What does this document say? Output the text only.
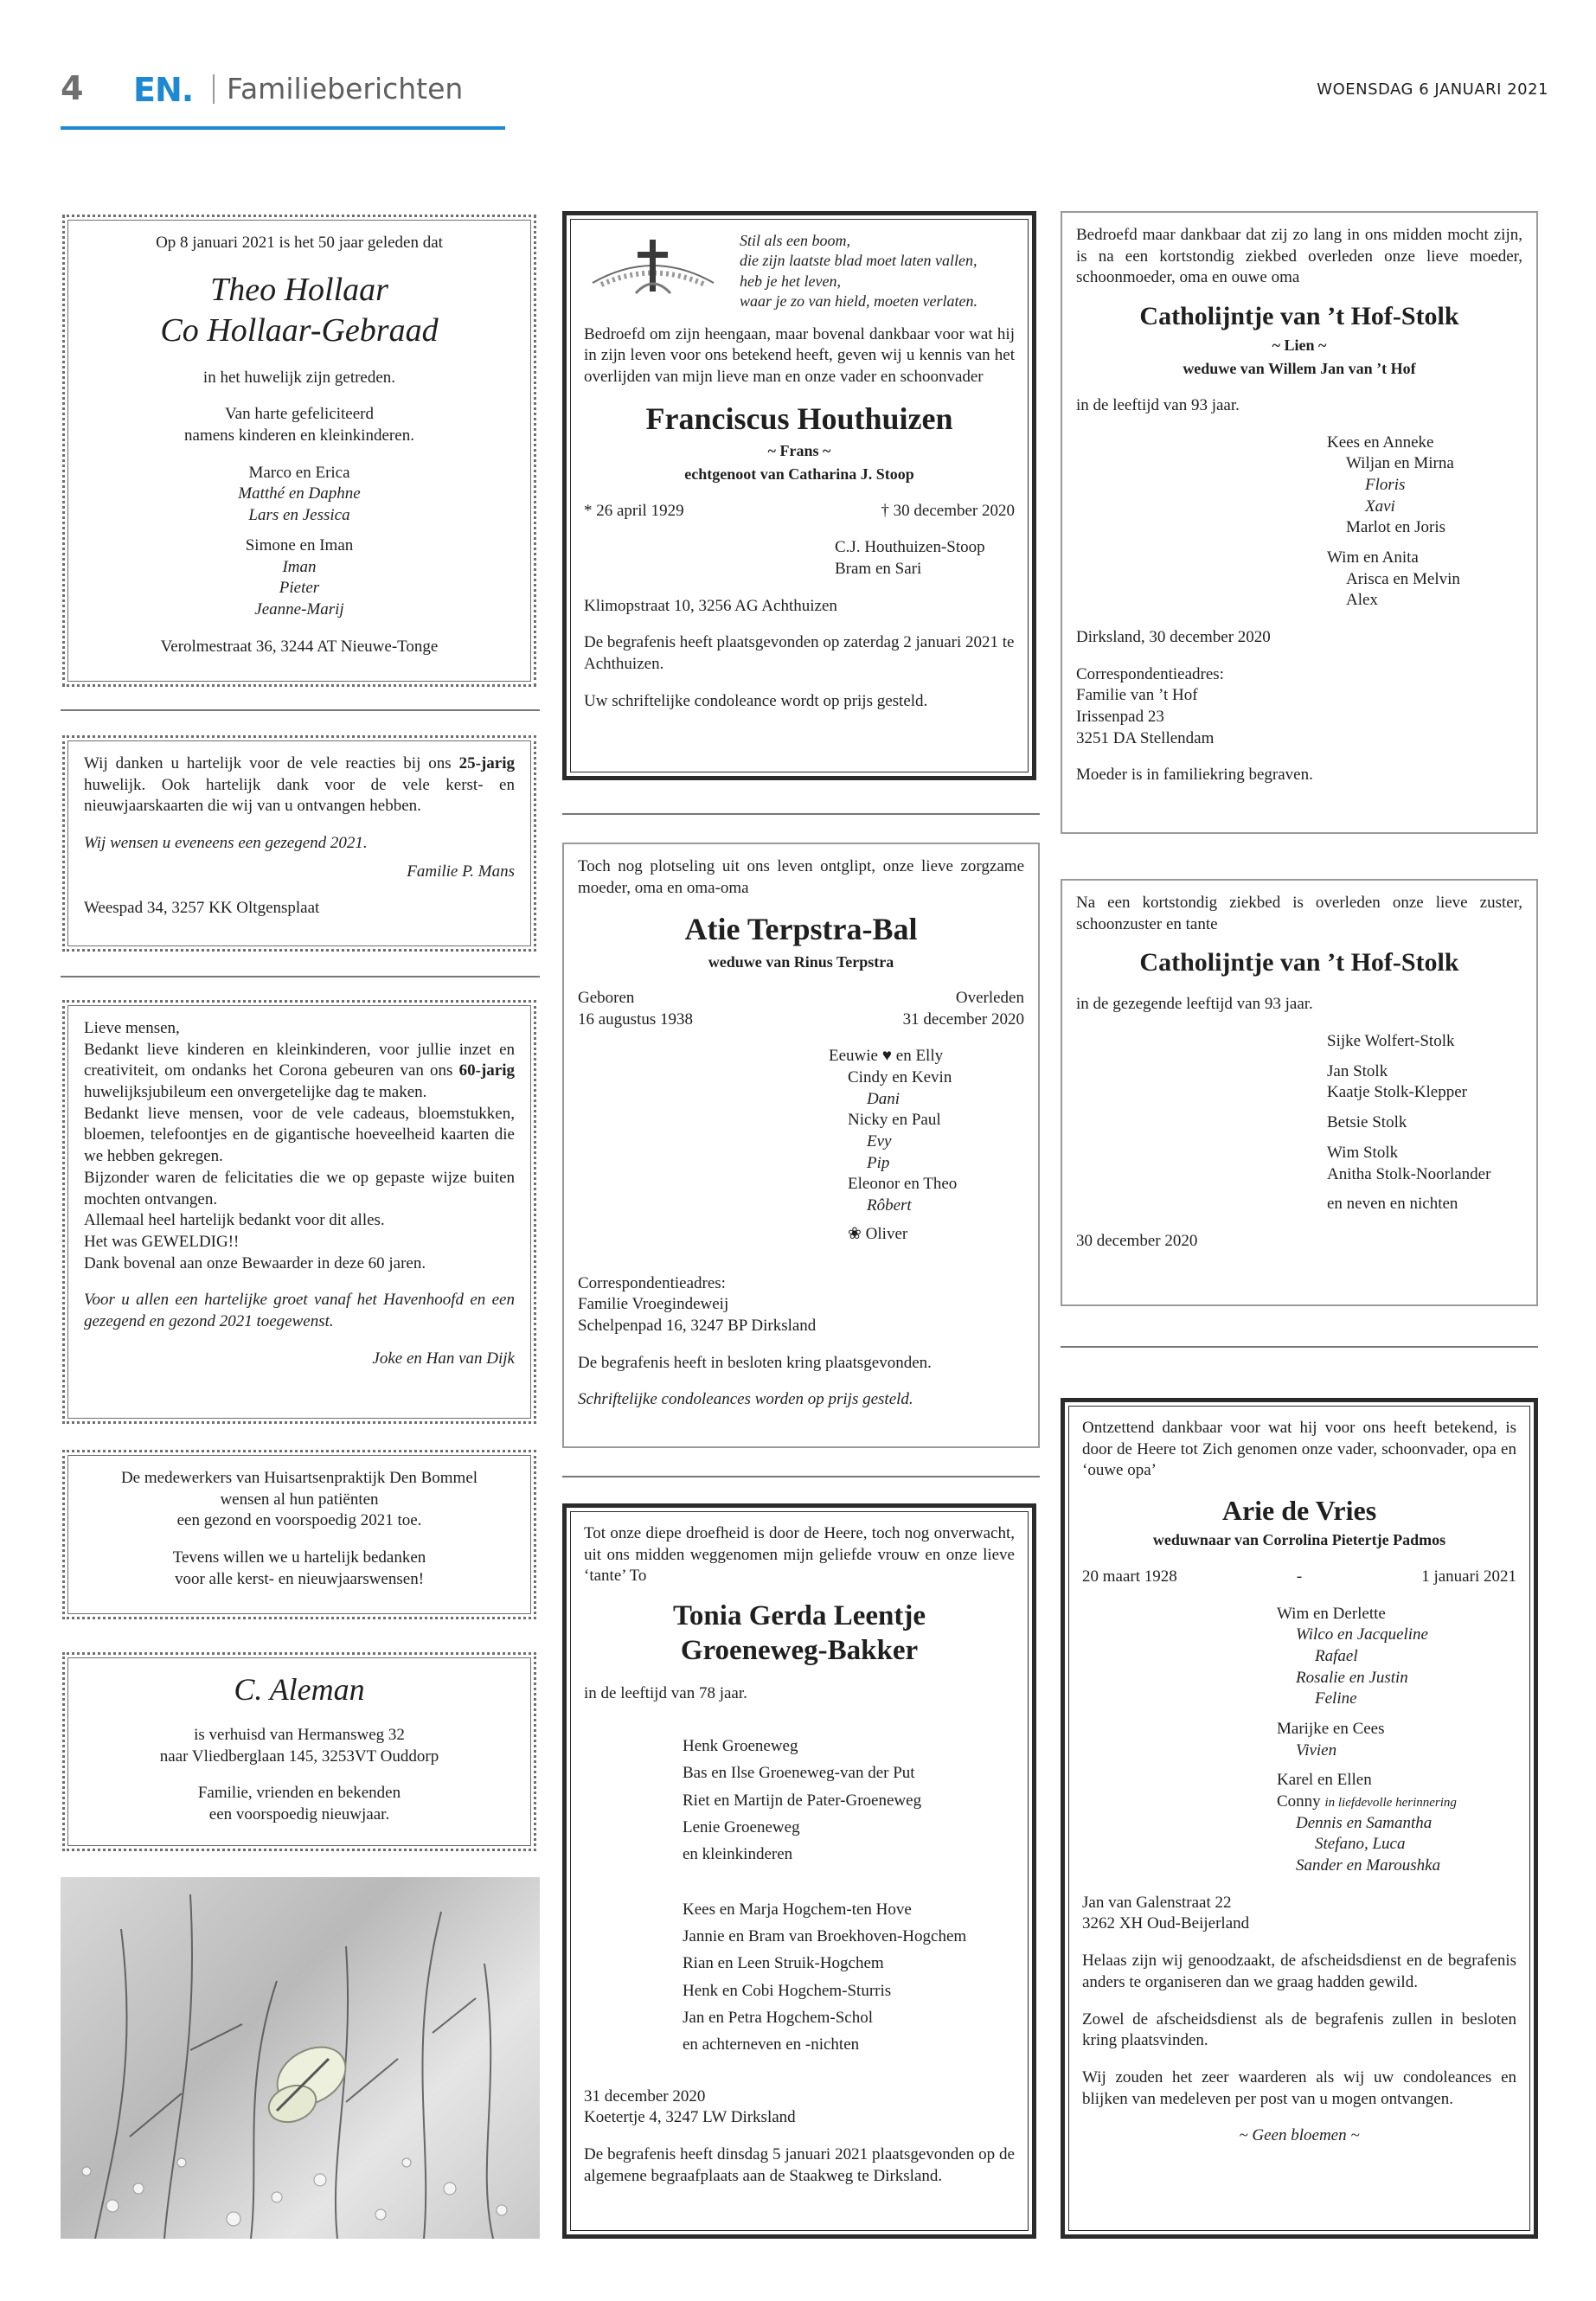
4 EN. Familieberichten	WOENSDAG 6 JANUARI 2021
Op 8 januari 2021 is het 50 jaar geleden dat
Theo Hollaar
Co Hollaar-Gebraad
in het huwelijk zijn getreden.
Van harte gefeliciteerd
namens kinderen en kleinkinderen.
Marco en Erica
Matthé en Daphne
Lars en Jessica
Simone en Iman
Iman
Pieter
Jeanne-Marij
Verolmestraat 36, 3244 AT Nieuwe-Tonge
Wij danken u hartelijk voor de vele reacties bij ons 25-jarig huwelijk. Ook hartelijk dank voor de vele kerst- en nieuwjaarskaarten die wij van u ontvangen hebben.
Wij wensen u eveneens een gezegend 2021.
Familie P. Mans
Weespad 34, 3257 KK Oltgensplaat
Lieve mensen,
Bedankt lieve kinderen en kleinkinderen, voor jullie inzet en creativiteit, om ondanks het Corona gebeuren van ons 60-jarig huwelijksjubileum een onvergetelijke dag te maken.
Bedankt lieve mensen, voor de vele cadeaus, bloemstukken, bloemen, telefoontjes en de gigantische hoeveelheid kaarten die we hebben gekregen.
Bijzonder waren de felicitaties die we op gepaste wijze buiten mochten ontvangen.
Allemaal heel hartelijk bedankt voor dit alles.
Het was GEWELDIG!!
Dank bovenal aan onze Bewaarder in deze 60 jaren.
Voor u allen een hartelijke groet vanaf het Havenhoofd en een gezegend en gezond 2021 toegewenst.
Joke en Han van Dijk
De medewerkers van Huisartsenpraktijk Den Bommel
wensen al hun patiënten
een gezond en voorspoedig 2021 toe.
Tevens willen we u hartelijk bedanken
voor alle kerst- en nieuwjaarswensen!
C. Aleman
is verhuisd van Hermansweg 32
naar Vliedberglaan 145, 3253VT Ouddorp
Familie, vrienden en bekenden
een voorspoedig nieuwjaar.
Stil als een boom,
die zijn laatste blad moet laten vallen,
heb je het leven,
waar je zo van hield, moeten verlaten.
Bedroefd om zijn heengaan, maar bovenal dankbaar voor wat hij in zijn leven voor ons betekend heeft, geven wij u kennis van het overlijden van mijn lieve man en onze vader en schoonvader
Franciscus Houthuizen
~ Frans ~
echtgenoot van Catharina J. Stoop
* 26 april 1929	† 30 december 2020
C.J. Houthuizen-Stoop
Bram en Sari
Klimopstraat 10, 3256 AG Achthuizen
De begrafenis heeft plaatsgevonden op zaterdag 2 januari 2021 te Achthuizen.
Uw schriftelijke condoleance wordt op prijs gesteld.
Toch nog plotseling uit ons leven ontglipt, onze lieve zorgzame moeder, oma en oma-oma
Atie Terpstra-Bal
weduwe van Rinus Terpstra
Geboren
16 augustus 1938
Overleden
31 december 2020
Eeuwie ♥ en Elly
Cindy en Kevin
Dani
Nicky en Paul
Evy
Pip
Eleonor en Theo
Rôbert
❀ Oliver
Correspondentieadres:
Familie Vroegindeweij
Schelpenpad 16, 3247 BP Dirksland
De begrafenis heeft in besloten kring plaatsgevonden.
Schriftelijke condoleances worden op prijs gesteld.
Tot onze diepe droefheid is door de Heere, toch nog onverwacht, uit ons midden weggenomen mijn geliefde vrouw en onze lieve ‘tante’ To
Tonia Gerda Leentje
Groeneweg-Bakker
in de leeftijd van 78 jaar.
Henk Groeneweg
Bas en Ilse Groeneweg-van der Put
Riet en Martijn de Pater-Groeneweg
Lenie Groeneweg
en kleinkinderen
Kees en Marja Hogchem-ten Hove
Jannie en Bram van Broekhoven-Hogchem
Rian en Leen Struik-Hogchem
Henk en Cobi Hogchem-Sturris
Jan en Petra Hogchem-Schol
en achterneven en -nichten
31 december 2020
Koetertje 4, 3247 LW Dirksland
De begrafenis heeft dinsdag 5 januari 2021 plaatsgevonden op de algemene begraafplaats aan de Staakweg te Dirksland.
Bedroefd maar dankbaar dat zij zo lang in ons midden mocht zijn, is na een kortstondig ziekbed overleden onze lieve moeder, schoonmoeder, oma en ouwe oma
Catholijntje van ’t Hof-Stolk
~ Lien ~
weduwe van Willem Jan van ’t Hof
in de leeftijd van 93 jaar.
Kees en Anneke
Wiljan en Mirna
Floris
Xavi
Marlot en Joris
Wim en Anita
Arisca en Melvin
Alex
Dirksland, 30 december 2020
Correspondentieadres:
Familie van ’t Hof
Irissenpad 23
3251 DA Stellendam
Moeder is in familiekring begraven.
Na een kortstondig ziekbed is overleden onze lieve zuster, schoonzuster en tante
Catholijntje van ’t Hof-Stolk
in de gezegende leeftijd van 93 jaar.
Sijke Wolfert-Stolk
Jan Stolk
Kaatje Stolk-Klepper
Betsie Stolk
Wim Stolk
Anitha Stolk-Noorlander
en neven en nichten
30 december 2020
Ontzettend dankbaar voor wat hij voor ons heeft betekend, is door de Heere tot Zich genomen onze vader, schoonvader, opa en ‘ouwe opa’
Arie de Vries
weduwnaar van Corrolina Pietertje Padmos
20 maart 1928	-	1 januari 2021
Wim en Derlette
Wilco en Jacqueline
Rafael
Rosalie en Justin
Feline
Marijke en Cees
Vivien
Karel en Ellen
Conny in liefdevolle herinnering
Dennis en Samantha
Stefano, Luca
Sander en Maroushka
Jan van Galenstraat 22
3262 XH Oud-Beijerland
Helaas zijn wij genoodzaakt, de afscheidsdienst en de begrafenis anders te organiseren dan we graag hadden gewild.
Zowel de afscheidsdienst als de begrafenis zullen in besloten kring plaatsvinden.
Wij zouden het zeer waarderen als wij uw condoleances en blijken van medeleven per post van u mogen ontvangen.
~ Geen bloemen ~
